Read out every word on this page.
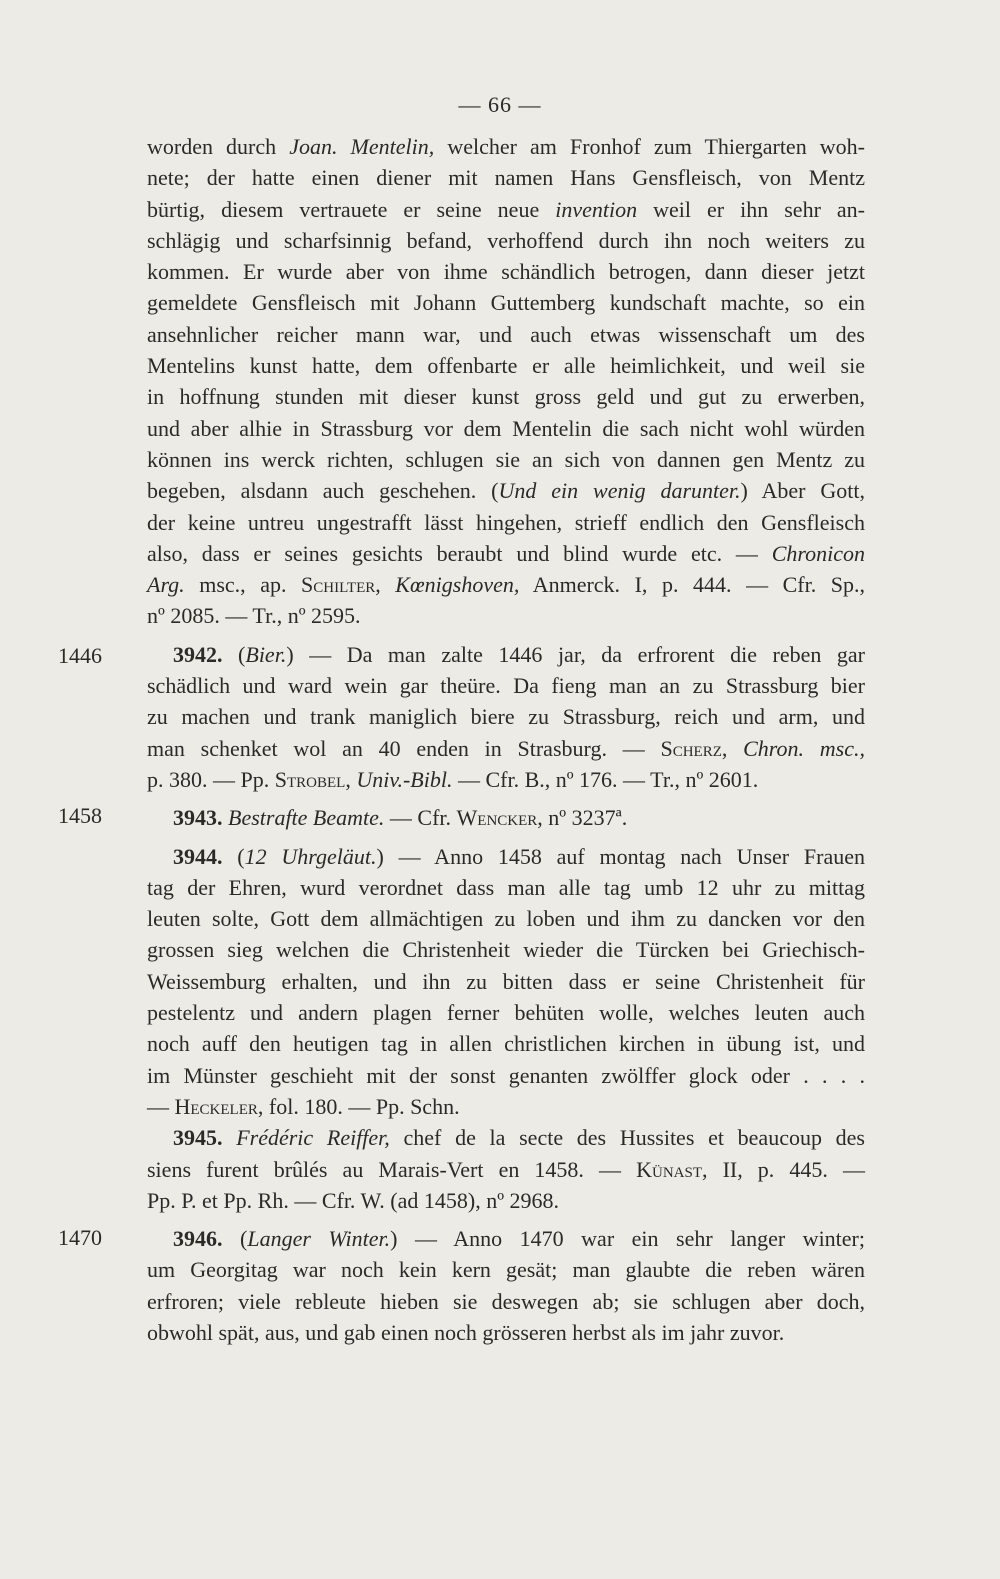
— 66 —
1446
1458
1470
worden durch Joan. Mentelin, welcher am Fronhof zum Thiergarten woh-
nete; der hatte einen diener mit namen Hans Gensfleisch, von Mentz
bürtig, diesem vertrauete er seine neue invention weil er ihn sehr an-
schlägig und scharfsinnig befand, verhoffend durch ihn noch weiters zu
kommen. Er wurde aber von ihme schändlich betrogen, dann dieser jetzt
gemeldete Gensfleisch mit Johann Guttemberg kundschaft machte, so ein
ansehnlicher reicher mann war, und auch etwas wissenschaft um des
Mentelins kunst hatte, dem offenbarte er alle heimlichkeit, und weil sie
in hoffnung stunden mit dieser kunst gross geld und gut zu erwerben,
und aber alhie in Strassburg vor dem Mentelin die sach nicht wohl würden
können ins werck richten, schlugen sie an sich von dannen gen Mentz zu
begeben, alsdann auch geschehen. (Und ein wenig darunter.) Aber Gott,
der keine untreu ungestrafft lässt hingehen, strieff endlich den Gensfleisch
also, dass er seines gesichts beraubt und blind wurde etc. — Chronicon
Arg. msc., ap. Schilter, Kœnigshoven, Anmerck. I, p. 444. — Cfr. Sp.,
nº 2085. — Tr., nº 2595.
3942. (Bier.) — Da man zalte 1446 jar, da erfrorent die reben gar
schädlich und ward wein gar theüre. Da fieng man an zu Strassburg bier
zu machen und trank maniglich biere zu Strassburg, reich und arm, und
man schenket wol an 40 enden in Strasburg. — Scherz, Chron. msc.,
p. 380. — Pp. Strobel, Univ.-Bibl. — Cfr. B., nº 176. — Tr., nº 2601.
3943. Bestrafte Beamte. — Cfr. Wencker, nº 3237ª.
3944. (12 Uhrgeläut.) — Anno 1458 auf montag nach Unser Frauen
tag der Ehren, wurd verordnet dass man alle tag umb 12 uhr zu mittag
leuten solte, Gott dem allmächtigen zu loben und ihm zu dancken vor den
grossen sieg welchen die Christenheit wieder die Türcken bei Griechisch-
Weissemburg erhalten, und ihn zu bitten dass er seine Christenheit für
pestelentz und andern plagen ferner behüten wolle, welches leuten auch
noch auff den heutigen tag in allen christlichen kirchen in übung ist, und
im Münster geschieht mit der sonst genanten zwölffer glock oder . . . .
— Heckeler, fol. 180. — Pp. Schn.
3945. Frédéric Reiffer, chef de la secte des Hussites et beaucoup des
siens furent brûlés au Marais-Vert en 1458. — Künast, II, p. 445. —
Pp. P. et Pp. Rh. — Cfr. W. (ad 1458), nº 2968.
3946. (Langer Winter.) — Anno 1470 war ein sehr langer winter;
um Georgitag war noch kein kern gesät; man glaubte die reben wären
erfroren; viele rebleute hieben sie deswegen ab; sie schlugen aber doch,
obwohl spät, aus, und gab einen noch grösseren herbst als im jahr zuvor.
